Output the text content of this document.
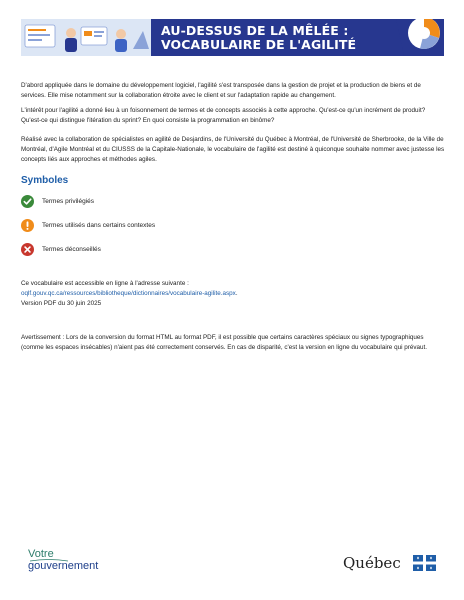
AU-DESSUS DE LA MÊLÉE :
VOCABULAIRE DE L'AGILITÉ

D'abord appliquée dans le domaine du développement logiciel, l'agilité s'est transposée dans la gestion de projet et la production de biens et de services. Elle mise notamment sur la collaboration étroite avec le client et sur l'adaptation rapide au changement.

L'intérêt pour l'agilité a donné lieu à un foisonnement de termes et de concepts associés à cette approche. Qu'est-ce qu'un incrément de produit? Qu'est-ce qui distingue l'itération du sprint? En quoi consiste la programmation en binôme?

Réalisé avec la collaboration de spécialistes en agilité de Desjardins, de l'Université du Québec à Montréal, de l'Université de Sherbrooke, de la Ville de Montréal, d'Agile Montréal et du CIUSSS de la Capitale-Nationale, le vocabulaire de l'agilité est destiné à quiconque souhaite nommer avec justesse les concepts liés aux approches et méthodes agiles.

Symboles
Termes privilégiés
Termes utilisés dans certains contextes
Termes déconseillés
Ce vocabulaire est accessible en ligne à l'adresse suivante :
oqlf.gouv.qc.ca/ressources/bibliotheque/dictionnaires/vocabulaire-agilite.aspx.
Version PDF du 30 juin 2025

Avertissement : Lors de la conversion du format HTML au format PDF, il est possible que certains caractères spéciaux ou signes typographiques (comme les espaces insécables) n'aient pas été correctement conservés. En cas de disparité, c'est la version en ligne du vocabulaire qui prévaut.

Votre
gouvernement	Québec
